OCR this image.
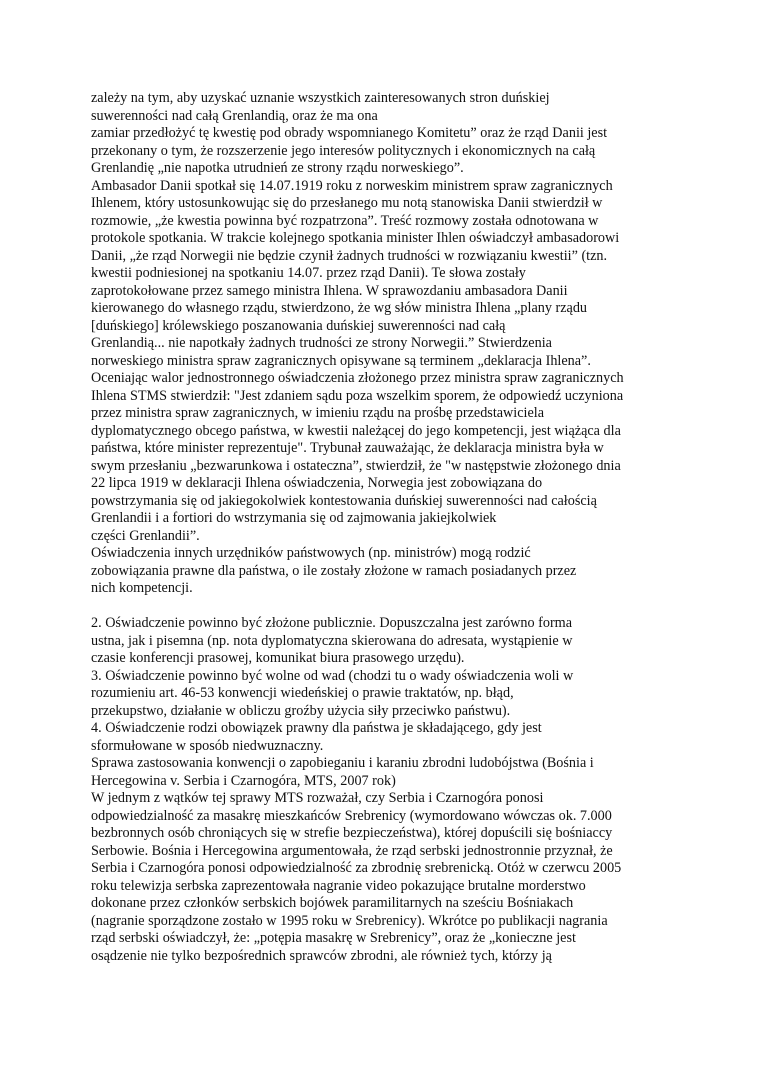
zależy na tym, aby uzyskać uznanie wszystkich zainteresowanych stron duńskiej
suwerenności nad całą Grenlandią, oraz że ma ona
zamiar przedłożyć tę kwestię pod obrady wspomnianego Komitetu” oraz że rząd Danii jest
przekonany o tym, że rozszerzenie jego interesów politycznych i ekonomicznych na całą
Grenlandię „nie napotka utrudnień ze strony rządu norweskiego”.
Ambasador Danii spotkał się 14.07.1919 roku z norweskim ministrem spraw zagranicznych
Ihlenem, który ustosunkowując się do przesłanego mu notą stanowiska Danii stwierdził w
rozmowie, „że kwestia powinna być rozpatrzona”. Treść rozmowy została odnotowana w
protokole spotkania. W trakcie kolejnego spotkania minister Ihlen oświadczył ambasadorowi
Danii, „że rząd Norwegii nie będzie czynił żadnych trudności w rozwiązaniu kwestii” (tzn.
kwestii podniesionej na spotkaniu 14.07. przez rząd Danii). Te słowa zostały
zaprotokołowane przez samego ministra Ihlena. W sprawozdaniu ambasadora Danii
kierowanego do własnego rządu, stwierdzono, że wg słów ministra Ihlena „plany rządu
[duńskiego] królewskiego poszanowania duńskiej suwerenności nad całą
Grenlandią... nie napotkały żadnych trudności ze strony Norwegii.” Stwierdzenia
norweskiego ministra spraw zagranicznych opisywane są terminem „deklaracja Ihlena”.
Oceniając walor jednostronnego oświadczenia złożonego przez ministra spraw zagranicznych
Ihlena STMS stwierdził: "Jest zdaniem sądu poza wszelkim sporem, że odpowiedź uczyniona
przez ministra spraw zagranicznych, w imieniu rządu na prośbę przedstawiciela
dyplomatycznego obcego państwa, w kwestii należącej do jego kompetencji, jest wiążąca dla
państwa, które minister reprezentuje". Trybunał zauważając, że deklaracja ministra była w
swym przesłaniu „bezwarunkowa i ostateczna”, stwierdził, że "w następstwie złożonego dnia
22 lipca 1919 w deklaracji Ihlena oświadczenia, Norwegia jest zobowiązana do
powstrzymania się od jakiegokolwiek kontestowania duńskiej suwerenności nad całością
Grenlandii i a fortiori do wstrzymania się od zajmowania jakiejkolwiek
części Grenlandii”.
Oświadczenia innych urzędników państwowych (np. ministrów) mogą rodzić
zobowiązania prawne dla państwa, o ile zostały złożone w ramach posiadanych przez
nich kompetencji.
2. Oświadczenie powinno być złożone publicznie. Dopuszczalna jest zarówno forma
ustna, jak i pisemna (np. nota dyplomatyczna skierowana do adresata, wystąpienie w
czasie konferencji prasowej, komunikat biura prasowego urzędu).
3. Oświadczenie powinno być wolne od wad (chodzi tu o wady oświadczenia woli w
rozumieniu art. 46-53 konwencji wiedeńskiej o prawie traktatów, np. błąd,
przekupstwo, działanie w obliczu groźby użycia siły przeciwko państwu).
4. Oświadczenie rodzi obowiązek prawny dla państwa je składającego, gdy jest
sformułowane w sposób niedwuznaczny.
Sprawa zastosowania konwencji o zapobieganiu i karaniu zbrodni ludobójstwa (Bośnia i
Hercegowina v. Serbia i Czarnogóra, MTS, 2007 rok)
W jednym z wątków tej sprawy MTS rozważał, czy Serbia i Czarnogóra ponosi
odpowiedzialność za masakrę mieszkańców Srebrenicy (wymordowano wówczas ok. 7.000
bezbronnych osób chroniących się w strefie bezpieczeństwa), której dopuścili się bośniaccy
Serbowie. Bośnia i Hercegowina argumentowała, że rząd serbski jednostronnie przyznał, że
Serbia i Czarnogóra ponosi odpowiedzialność za zbrodnię srebrenicką. Otóż w czerwcu 2005
roku telewizja serbska zaprezentowała nagranie video pokazujące brutalne morderstwo
dokonane przez członków serbskich bojówek paramilitarnych na sześciu Bośniakach
(nagranie sporządzone zostało w 1995 roku w Srebrenicy). Wkrótce po publikacji nagrania
rząd serbski oświadczył, że: „potępia masakrę w Srebrenicy”, oraz że „konieczne jest
osądzenie nie tylko bezpośrednich sprawców zbrodni, ale również tych, którzy ją
